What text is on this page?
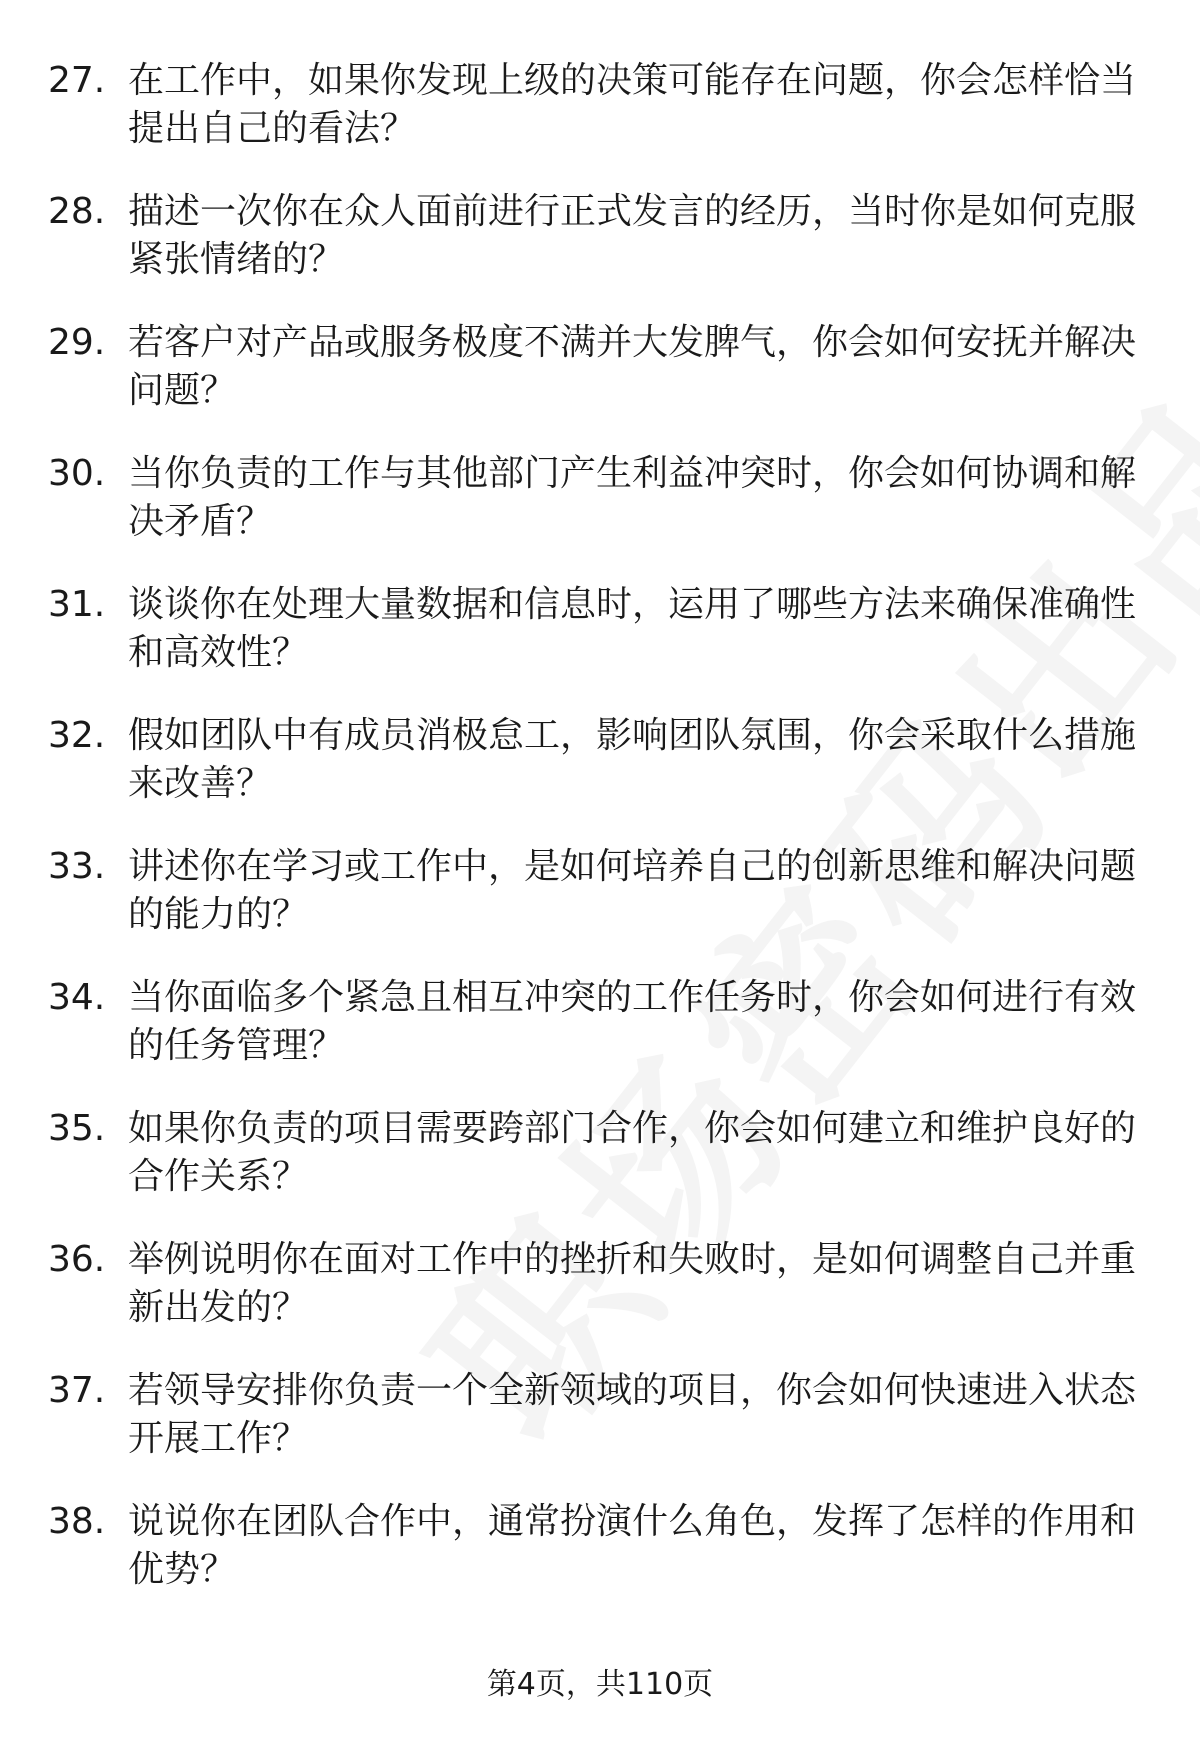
27. 在工作中，如果你发现上级的决策可能存在问题，你会怎样恰当提出自己的看法？
28. 描述一次你在众人面前进行正式发言的经历，当时你是如何克服紧张情绪的？
29. 若客户对产品或服务极度不满并大发脾气，你会如何安抚并解决问题？
30. 当你负责的工作与其他部门产生利益冲突时，你会如何协调和解决矛盾？
31. 谈谈你在处理大量数据和信息时，运用了哪些方法来确保准确性和高效性？
32. 假如团队中有成员消极怠工，影响团队氛围，你会采取什么措施来改善？
33. 讲述你在学习或工作中，是如何培养自己的创新思维和解决问题的能力的？
34. 当你面临多个紧急且相互冲突的工作任务时，你会如何进行有效的任务管理？
35. 如果你负责的项目需要跨部门合作，你会如何建立和维护良好的合作关系？
36. 举例说明你在面对工作中的挫折和失败时，是如何调整自己并重新出发的？
37. 若领导安排你负责一个全新领域的项目，你会如何快速进入状态开展工作？
38. 说说你在团队合作中，通常扮演什么角色，发挥了怎样的作用和优势？
第4页，共110页
